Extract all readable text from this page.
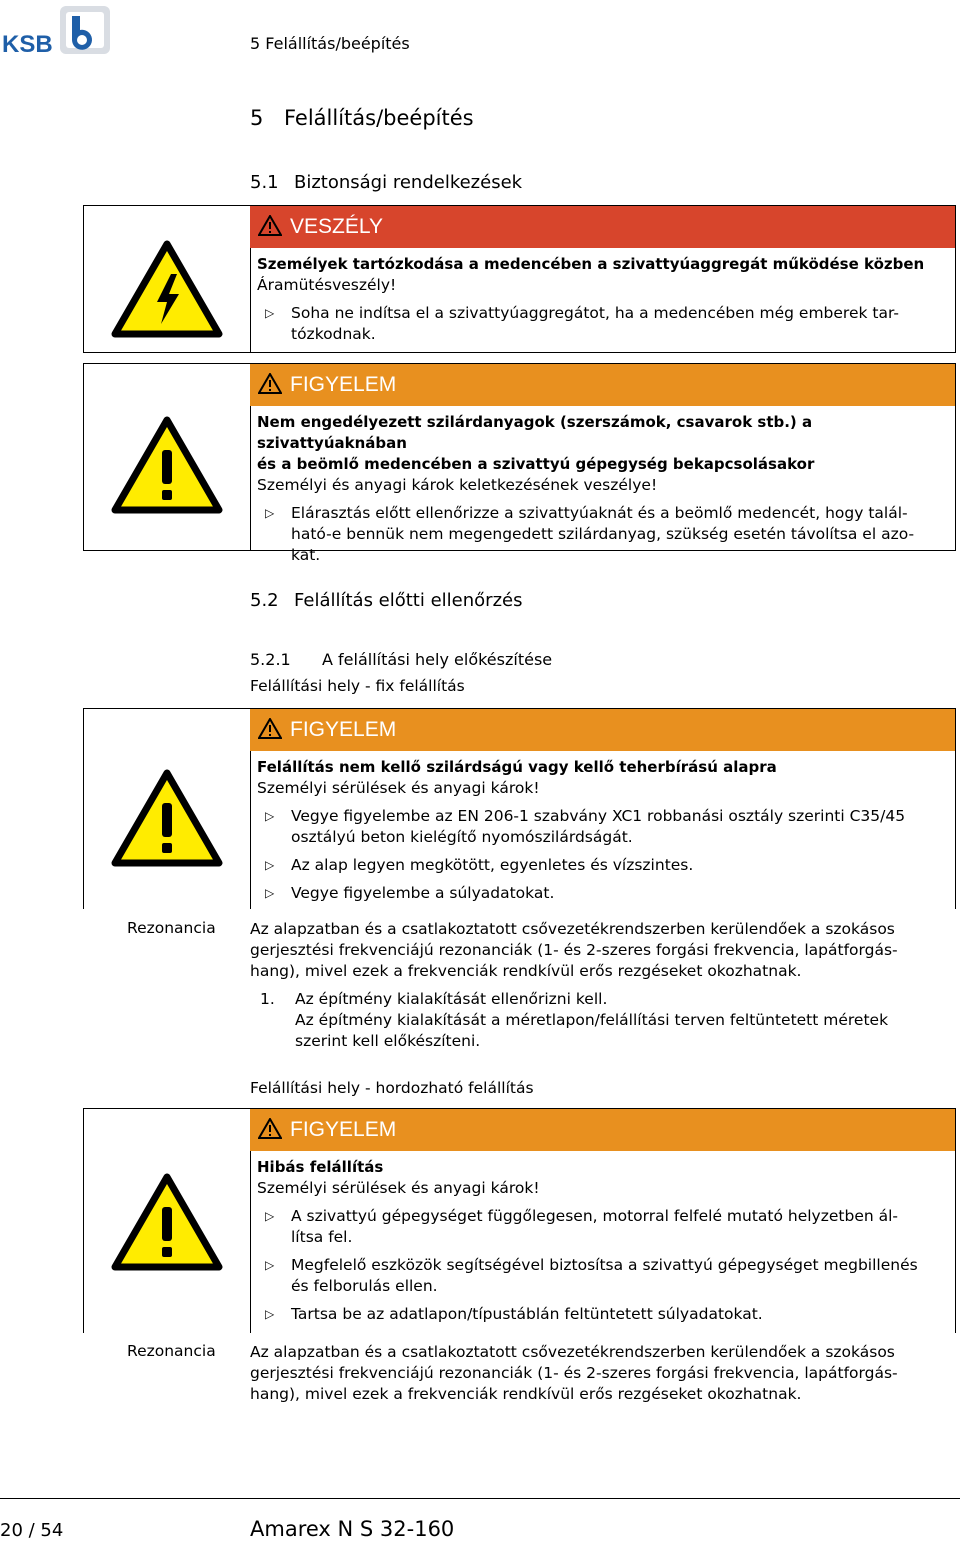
KSB	5 Felállítás/beépítés
5 Felállítás/beépítés
5.1 Biztonsági rendelkezések
VESZÉLY
Személyek tartózkodása a medencében a szivattyúaggregát működése közben
Áramütésveszély!
▷ Soha ne indítsa el a szivattyúaggregátot, ha a medencében még emberek tar-
tózkodnak.
FIGYELEM
Nem engedélyezett szilárdanyagok (szerszámok, csavarok stb.) a szivattyúaknában
és a beömlő medencében a szivattyú gépegység bekapcsolásakor
Személyi és anyagi károk keletkezésének veszélye!
▷ Elárasztás előtt ellenőrizze a szivattyúaknát és a beömlő medencét, hogy talál-
ható-e bennük nem megengedett szilárdanyag, szükség esetén távolítsa el azo-
kat.
5.2 Felállítás előtti ellenőrzés
5.2.1 A felállítási hely előkészítése
Felállítási hely - fix felállítás
FIGYELEM
Felállítás nem kellő szilárdságú vagy kellő teherbírású alapra
Személyi sérülések és anyagi károk!
▷ Vegye figyelembe az EN 206-1 szabvány XC1 robbanási osztály szerinti C35/45
osztályú beton kielégítő nyomószilárdságát.
▷ Az alap legyen megkötött, egyenletes és vízszintes.
▷ Vegye figyelembe a súlyadatokat.
Rezonancia Az alapzatban és a csatlakoztatott csővezetékrendszerben kerülendőek a szokásos
gerjesztési frekvenciájú rezonanciák (1- és 2-szeres forgási frekvencia, lapátforgás-
hang), mivel ezek a frekvenciák rendkívül erős rezgéseket okozhatnak.
1. Az építmény kialakítását ellenőrizni kell.
Az építmény kialakítását a méretlapon/felállítási terven feltüntetett méretek
szerint kell előkészíteni.
Felállítási hely - hordozható felállítás
FIGYELEM
Hibás felállítás
Személyi sérülések és anyagi károk!
▷ A szivattyú gépegységet függőlegesen, motorral felfelé mutató helyzetben ál-
lítsa fel.
▷ Megfelelő eszközök segítségével biztosítsa a szivattyú gépegységet megbillenés
és felborulás ellen.
▷ Tartsa be az adatlapon/típustáblán feltüntetett súlyadatokat.
Rezonancia Az alapzatban és a csatlakoztatott csővezetékrendszerben kerülendőek a szokásos
gerjesztési frekvenciájú rezonanciák (1- és 2-szeres forgási frekvencia, lapátforgás-
hang), mivel ezek a frekvenciák rendkívül erős rezgéseket okozhatnak.
20 / 54	Amarex N S 32-160
